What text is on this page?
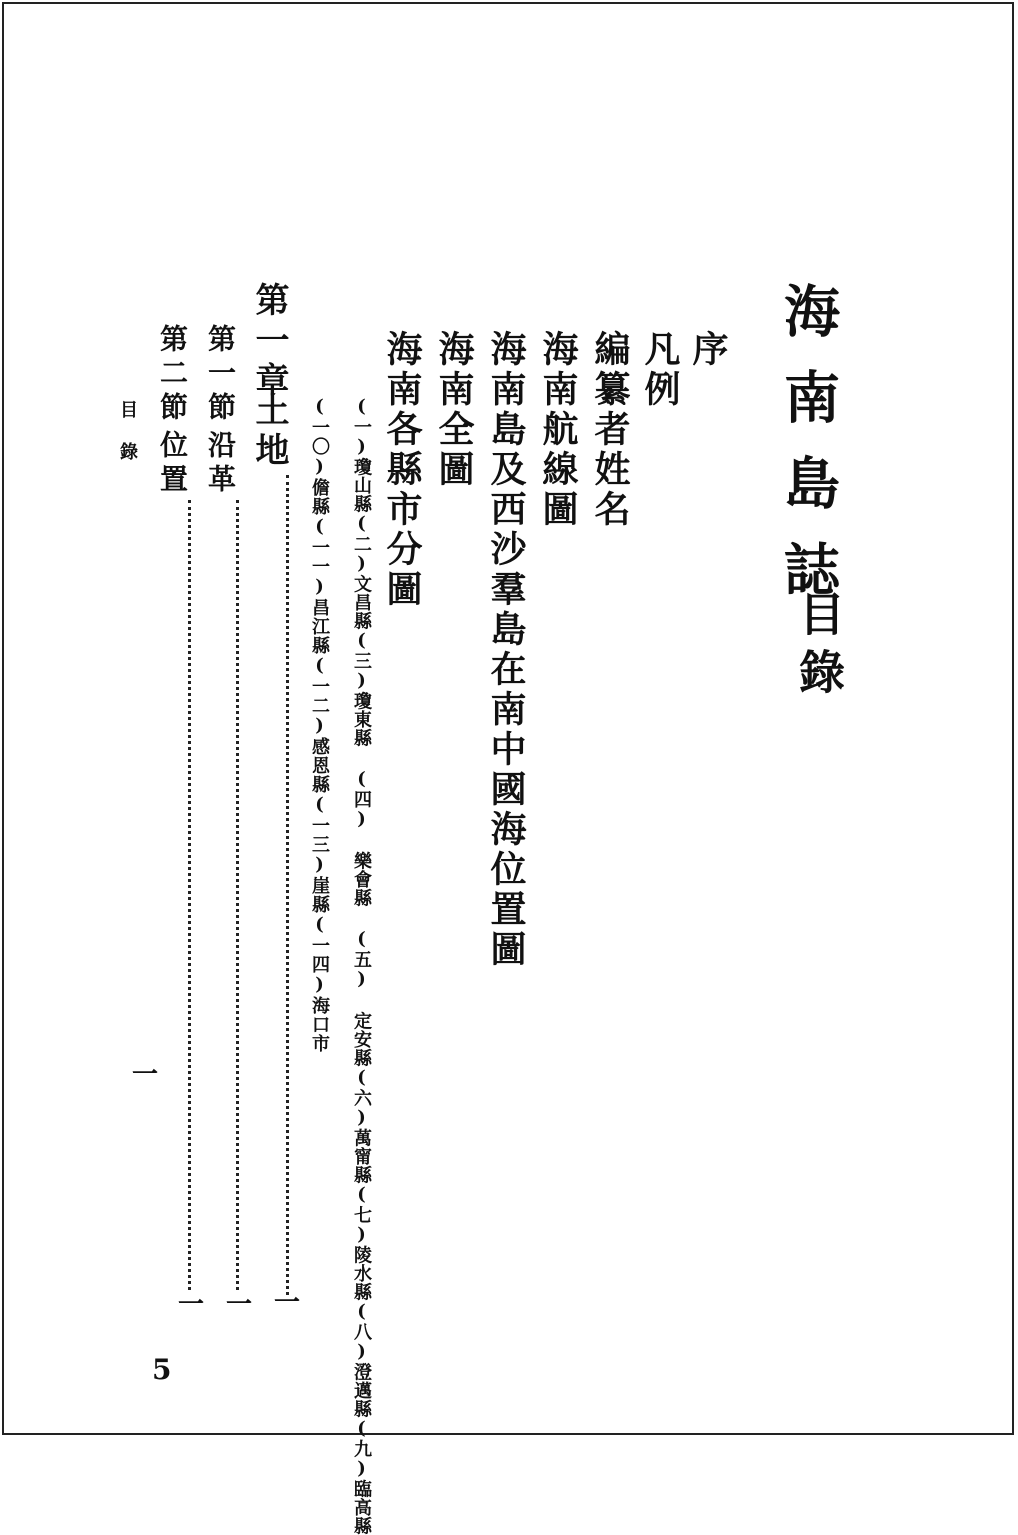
海南島誌
目錄
序
凡例
編纂者姓名
海南航線圖
海南島及西沙羣島在南中國海位置圖
海南全圖
海南各縣市分圖
(一)瓊山縣(二)文昌縣(三)瓊東縣 (四) 樂會縣 (五) 定安縣(六)萬甯縣(七)陵水縣(八)澄邁縣(九)臨高縣
(一〇)儋縣(一一)昌江縣(一二)感恩縣(一三)崖縣(一四)海口市
第一章
土地
一
第一節
沿革
一
第二節
位置
一
目錄
一
5
